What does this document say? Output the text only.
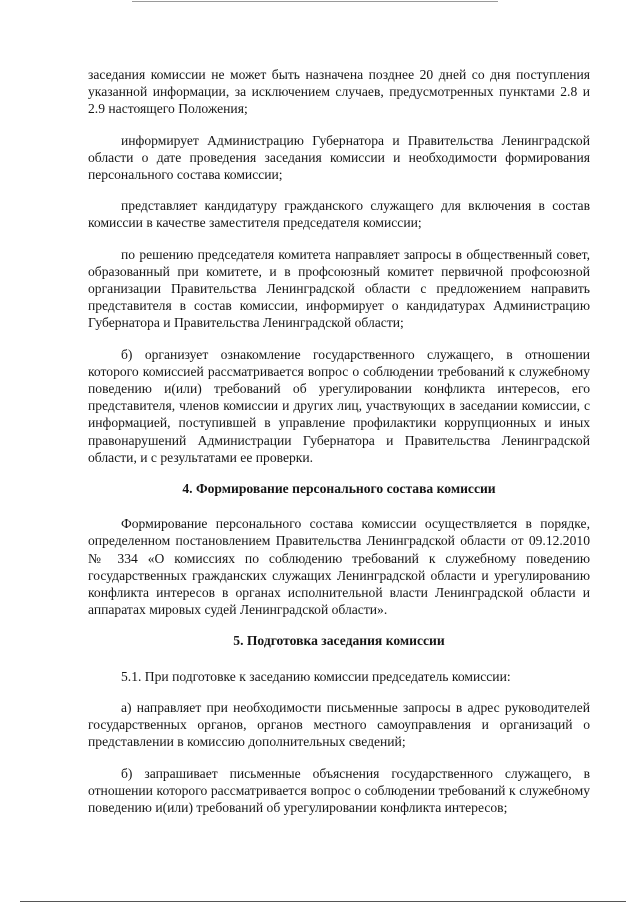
заседания комиссии не может быть назначена позднее 20 дней со дня поступления указанной информации, за исключением случаев, предусмотренных пунктами 2.8 и 2.9 настоящего Положения;

информирует Администрацию Губернатора и Правительства Ленинградской области о дате проведения заседания комиссии и необходимости формирования персонального состава комиссии;

представляет кандидатуру гражданского служащего для включения в состав комиссии в качестве заместителя председателя комиссии;

по решению председателя комитета направляет запросы в общественный совет, образованный при комитете, и в профсоюзный комитет первичной профсоюзной организации Правительства Ленинградской области с предложением направить представителя в состав комиссии, информирует о кандидатурах Администрацию Губернатора и Правительства Ленинградской области;

б) организует ознакомление государственного служащего, в отношении которого комиссией рассматривается вопрос о соблюдении требований к служебному поведению и(или) требований об урегулировании конфликта интересов, его представителя, членов комиссии и других лиц, участвующих в заседании комиссии, с информацией, поступившей в управление профилактики коррупционных и иных правонарушений Администрации Губернатора и Правительства Ленинградской области, и с результатами ее проверки.

4. Формирование персонального состава комиссии

Формирование персонального состава комиссии осуществляется в порядке, определенном постановлением Правительства Ленинградской области от 09.12.2010 № 334 «О комиссиях по соблюдению требований к служебному поведению государственных гражданских служащих Ленинградской области и урегулированию конфликта интересов в органах исполнительной власти Ленинградской области и аппаратах мировых судей Ленинградской области».

5. Подготовка заседания комиссии

5.1. При подготовке к заседанию комиссии председатель комиссии:

а) направляет при необходимости письменные запросы в адрес руководителей государственных органов, органов местного самоуправления и организаций о представлении в комиссию дополнительных сведений;

б) запрашивает письменные объяснения государственного служащего, в отношении которого рассматривается вопрос о соблюдении требований к служебному поведению и(или) требований об урегулировании конфликта интересов;
